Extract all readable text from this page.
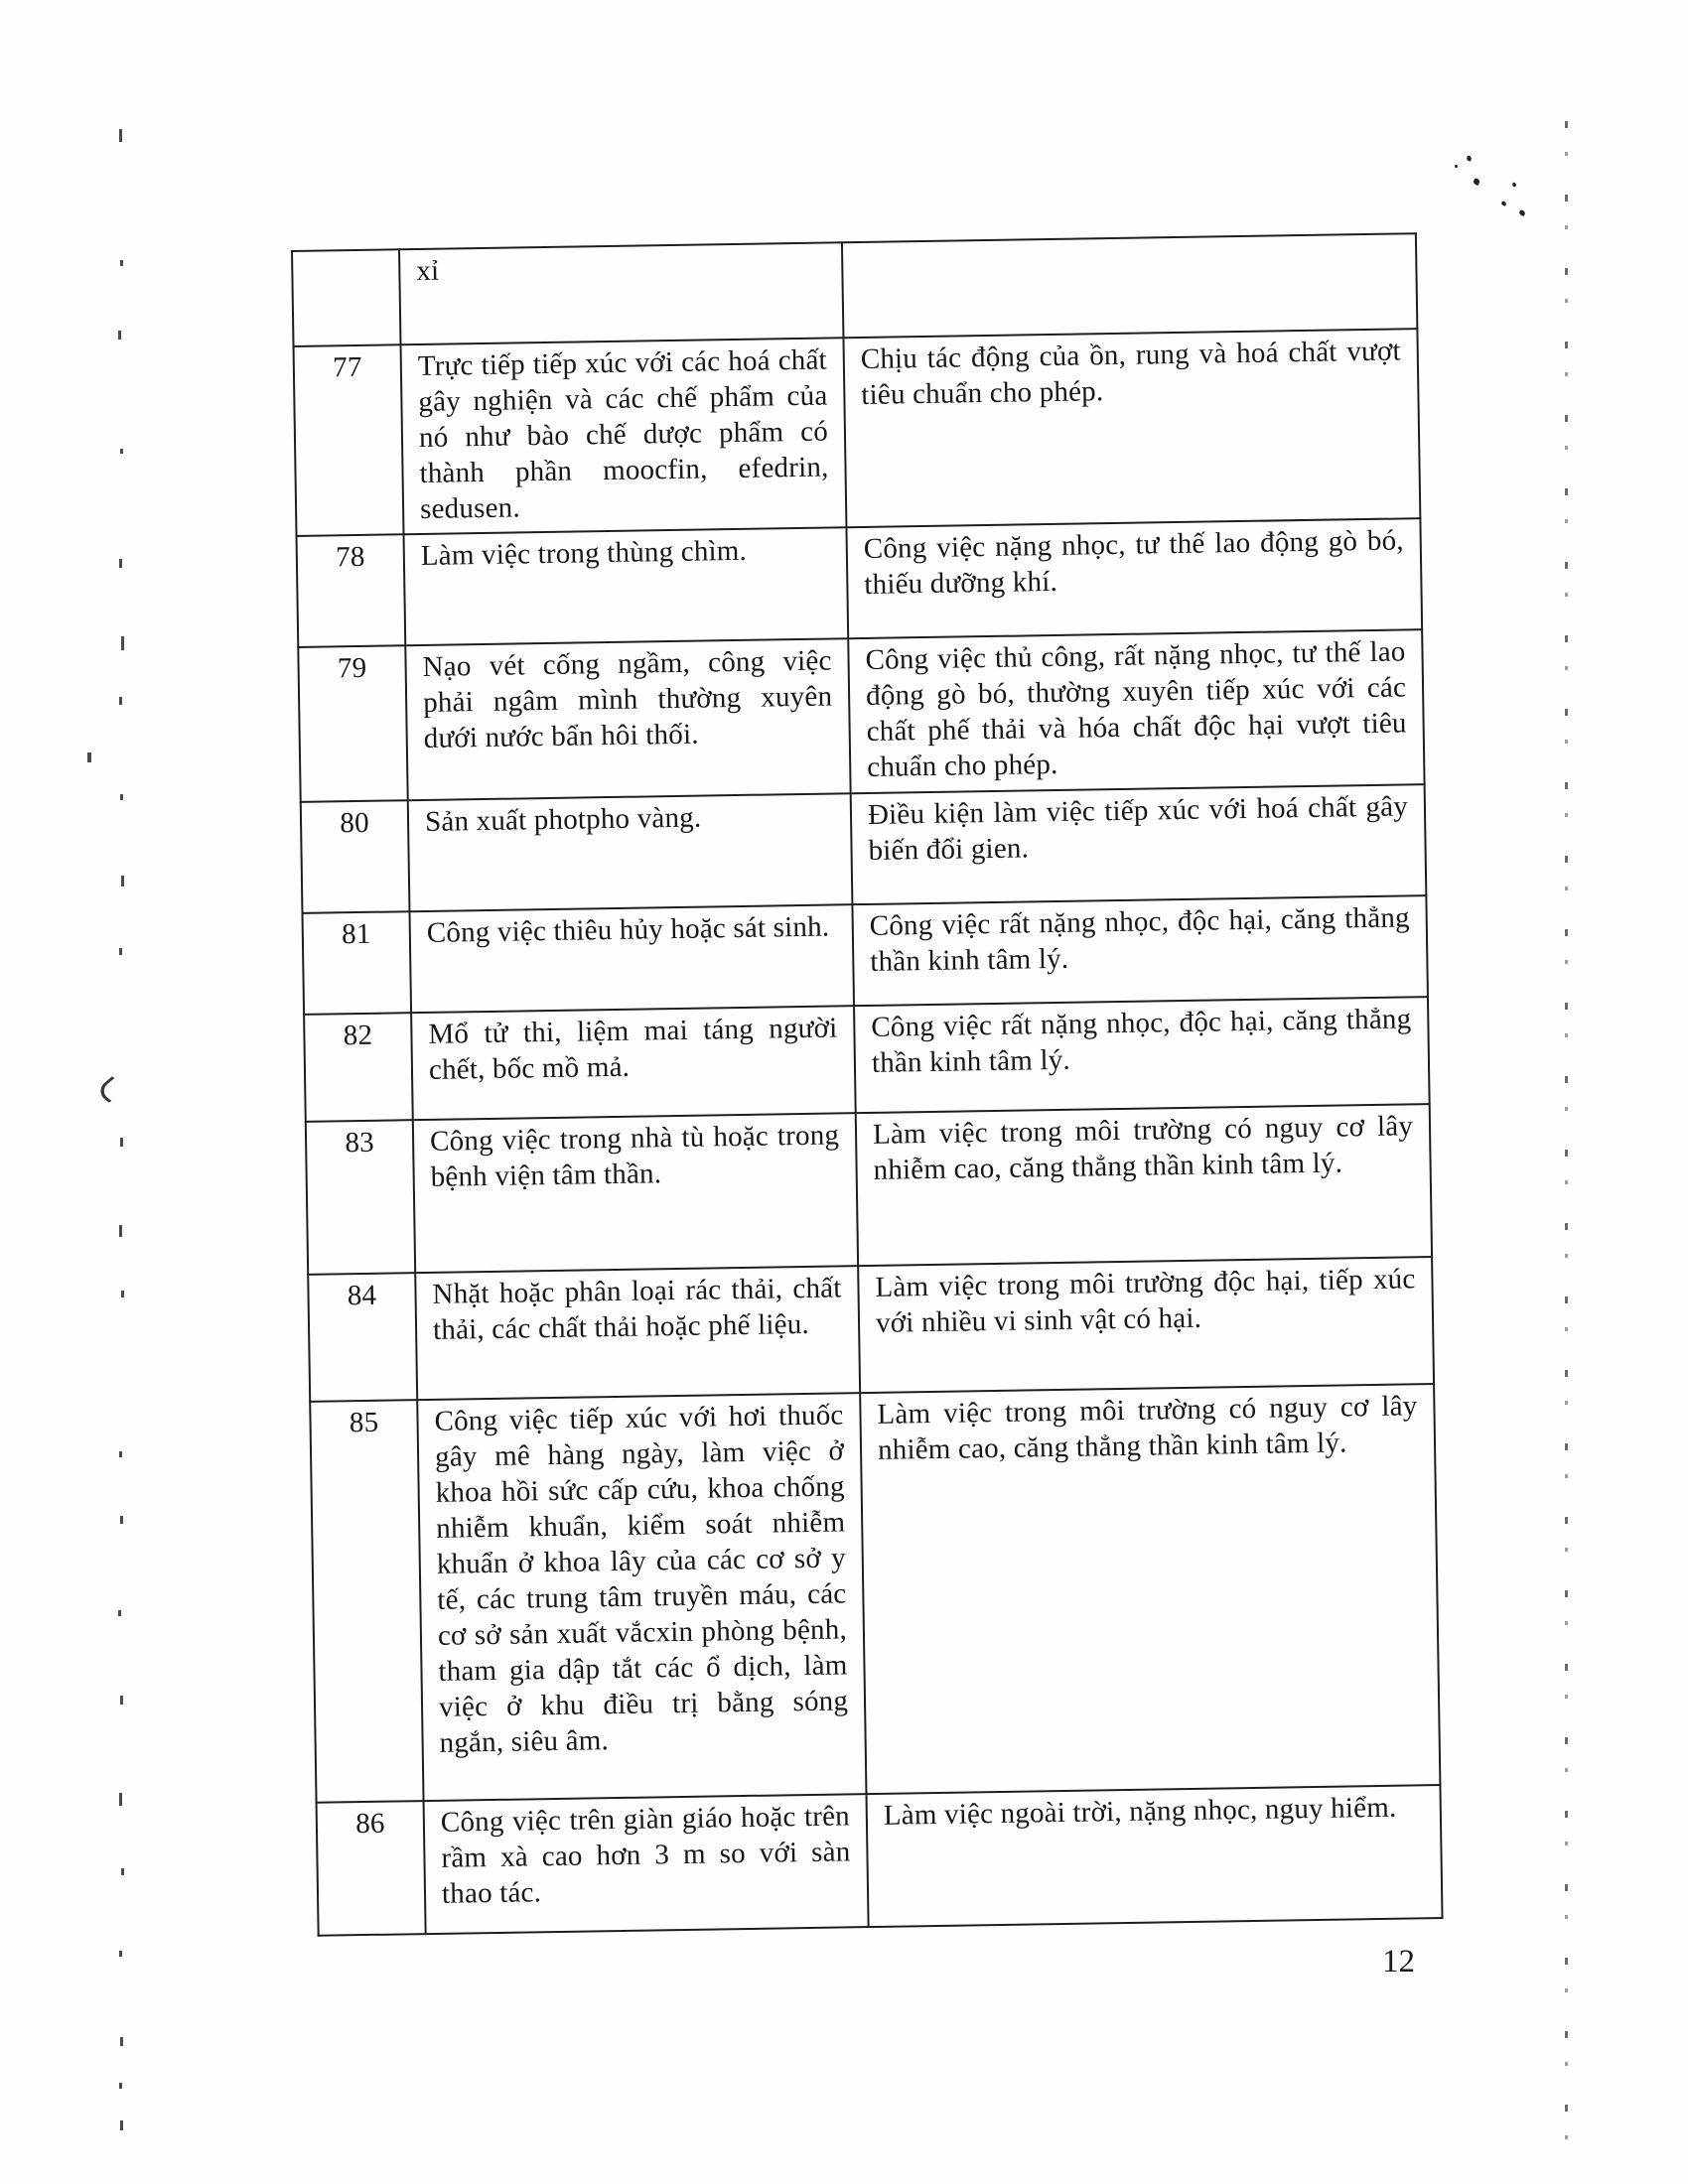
	xỉ	
77	Trực tiếp tiếp xúc với các hoá chất gây nghiện và các chế phẩm của nó như bào chế dược phẩm có thành phần moocfin, efedrin, sedusen.	Chịu tác động của ồn, rung và hoá chất vượt tiêu chuẩn cho phép.
78	Làm việc trong thùng chìm.	Công việc nặng nhọc, tư thế lao động gò bó, thiếu dưỡng khí.
79	Nạo vét cống ngầm, công việc phải ngâm mình thường xuyên dưới nước bẩn hôi thối.	Công việc thủ công, rất nặng nhọc, tư thế lao động gò bó, thường xuyên tiếp xúc với các chất phế thải và hóa chất độc hại vượt tiêu chuẩn cho phép.
80	Sản xuất photpho vàng.	Điều kiện làm việc tiếp xúc với hoá chất gây biến đổi gien.
81	Công việc thiêu hủy hoặc sát sinh.	Công việc rất nặng nhọc, độc hại, căng thẳng thần kinh tâm lý.
82	Mổ tử thi, liệm mai táng người chết, bốc mồ mả.	Công việc rất nặng nhọc, độc hại, căng thẳng thần kinh tâm lý.
83	Công việc trong nhà tù hoặc trong bệnh viện tâm thần.	Làm việc trong môi trường có nguy cơ lây nhiễm cao, căng thẳng thần kinh tâm lý.
84	Nhặt hoặc phân loại rác thải, chất thải, các chất thải hoặc phế liệu.	Làm việc trong môi trường độc hại, tiếp xúc với nhiều vi sinh vật có hại.
85	Công việc tiếp xúc với hơi thuốc gây mê hàng ngày, làm việc ở khoa hồi sức cấp cứu, khoa chống nhiễm khuẩn, kiểm soát nhiễm khuẩn ở khoa lây của các cơ sở y tế, các trung tâm truyền máu, các cơ sở sản xuất vắcxin phòng bệnh, tham gia dập tắt các ổ dịch, làm việc ở khu điều trị bằng sóng ngắn, siêu âm.	Làm việc trong môi trường có nguy cơ lây nhiễm cao, căng thẳng thần kinh tâm lý.
86	Công việc trên giàn giáo hoặc trên rầm xà cao hơn 3 m so với sàn thao tác.	Làm việc ngoài trời, nặng nhọc, nguy hiểm.
12
